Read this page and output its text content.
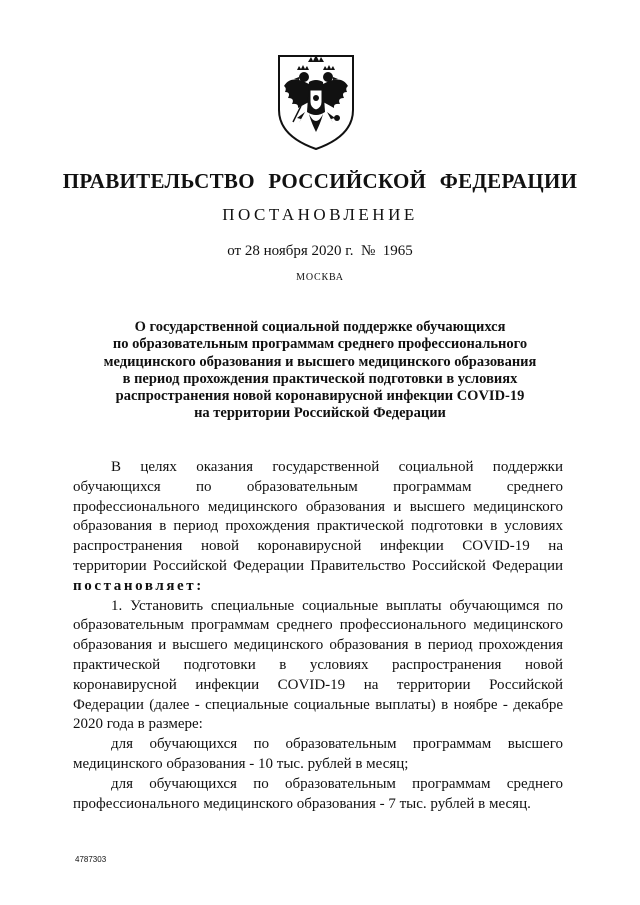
ПРАВИТЕЛЬСТВО РОССИЙСКОЙ ФЕДЕРАЦИИ
ПОСТАНОВЛЕНИЕ
от 28 ноября 2020 г.  №  1965
МОСКВА
О государственной социальной поддержке обучающихся
по образовательным программам среднего профессионального
медицинского образования и высшего медицинского образования
в период прохождения практической подготовки в условиях
распространения новой коронавирусной инфекции COVID-19
на территории Российской Федерации
В целях оказания государственной социальной поддержки
обучающихся по образовательным программам среднего
профессионального медицинского образования и высшего медицинского
образования в период прохождения практической подготовки в условиях
распространения новой коронавирусной инфекции COVID-19 на
территории Российской Федерации Правительство Российской Федерации
постановляет:
1. Установить специальные социальные выплаты обучающимся по
образовательным программам среднего профессионального медицинского
образования и высшего медицинского образования в период прохождения
практической подготовки в условиях распространения новой
коронавирусной инфекции COVID-19 на территории Российской
Федерации (далее - специальные социальные выплаты) в ноябре - декабре
2020 года в размере:
для обучающихся по образовательным программам высшего
медицинского образования - 10 тыс. рублей в месяц;
для обучающихся по образовательным программам среднего
профессионального медицинского образования - 7 тыс. рублей в месяц.
4787303
